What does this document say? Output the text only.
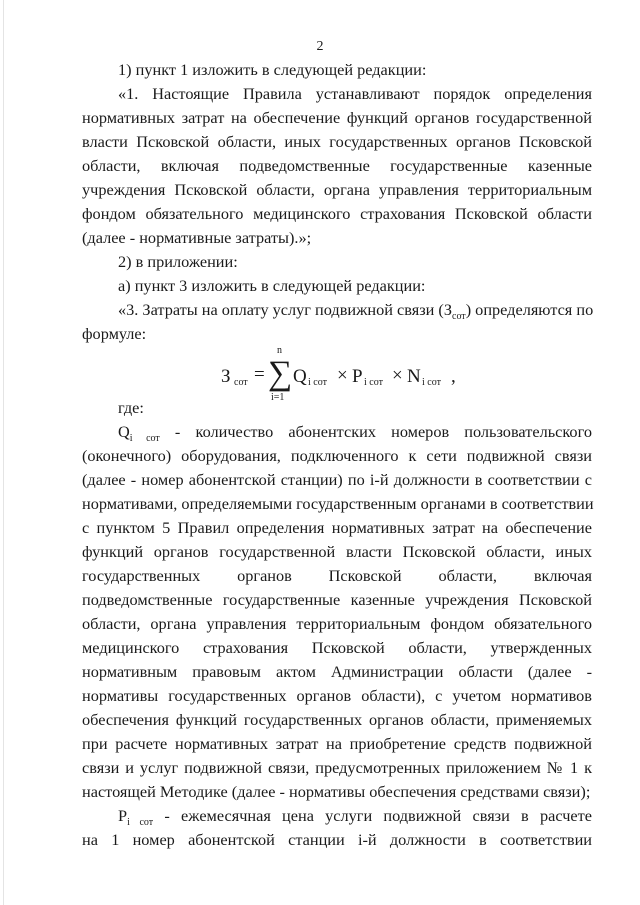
2
1) пункт 1 изложить в следующей редакции:
«1. Настоящие Правила устанавливают порядок определения
нормативных затрат на обеспечение функций органов государственной
власти Псковской области, иных государственных органов Псковской
области, включая подведомственные государственные казенные
учреждения Псковской области, органа управления территориальным
фондом обязательного медицинского страхования Псковской области
(далее - нормативные затраты).»;
2) в приложении:
а) пункт 3 изложить в следующей редакции:
«3. Затраты на оплату услуг подвижной связи $(З_{сот})$ определяются по
формуле:
З сот =
n
∑
i=1
Q i сот × P i сот × N i сот ,
где:
$Q_{i сот}$ - количество абонентских номеров пользовательского
(оконечного) оборудования, подключенного к сети подвижной связи
(далее - номер абонентской станции) по i-й должности в соответствии с
нормативами, определяемыми государственным органами в соответствии
с пунктом 5 Правил определения нормативных затрат на обеспечение
функций органов государственной власти Псковской области, иных
государственных органов Псковской области, включая
подведомственные государственные казенные учреждения Псковской
области, органа управления территориальным фондом обязательного
медицинского страхования Псковской области, утвержденных
нормативным правовым актом Администрации области (далее -
нормативы государственных органов области), с учетом нормативов
обеспечения функций государственных органов области, применяемых
при расчете нормативных затрат на приобретение средств подвижной
связи и услуг подвижной связи, предусмотренных приложением № 1 к
настоящей Методике (далее - нормативы обеспечения средствами связи);
$P_{i сот}$ - ежемесячная цена услуги подвижной связи в расчете
на 1 номер абонентской станции i-й должности в соответствии
